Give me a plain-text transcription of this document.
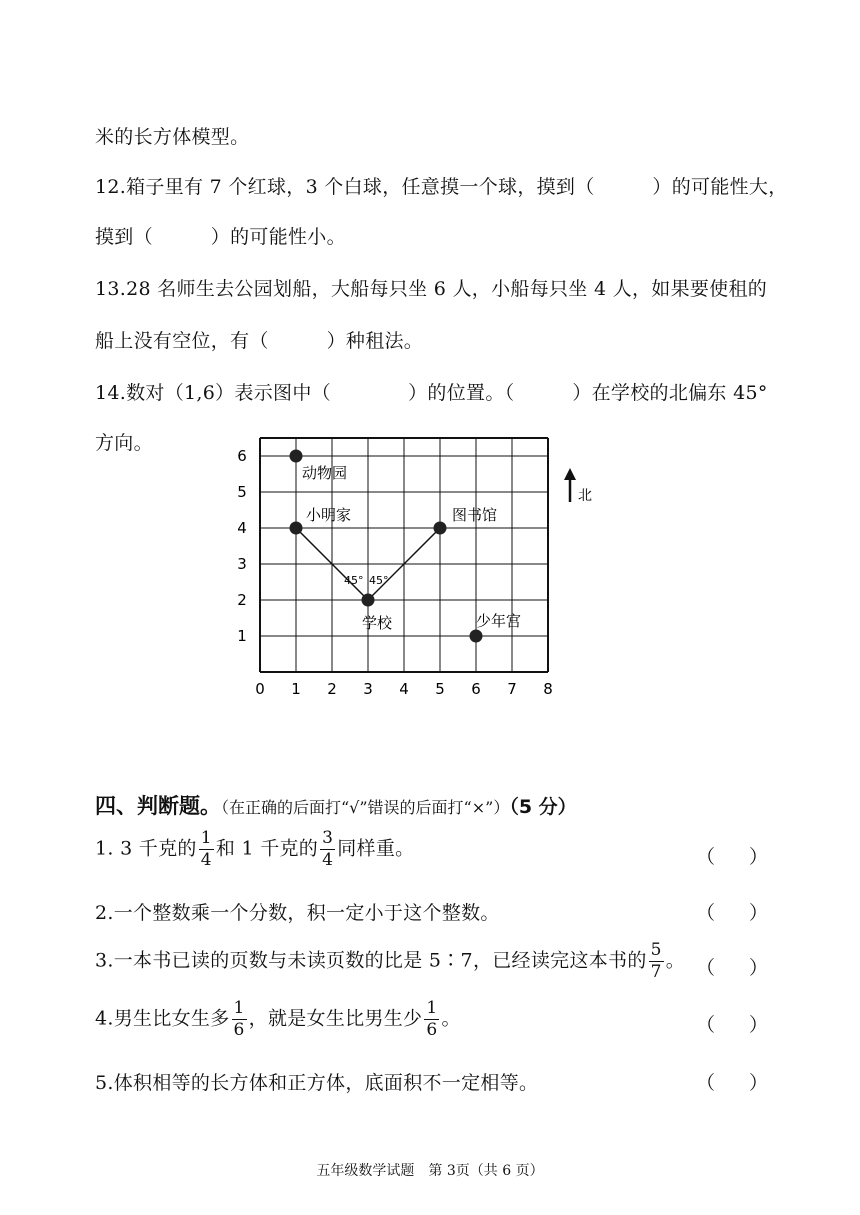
米的长方体模型。
12.箱子里有 7 个红球，3 个白球，任意摸一个球，摸到（　　　）的可能性大，
摸到（　　　）的可能性小。
13.28 名师生去公园划船，大船每只坐 6 人，小船每只坐 4 人，如果要使租的
船上没有空位，有（　　　）种租法。
14.数对（1,6）表示图中（　　　　）的位置。（　　　）在学校的北偏东 45°
方向。
1
2
3
4
5
6
0 1 2 3 4 5 6 7 8
北
动物园
小明家	图书馆
学校	少年宫
45° 45°
四、判断题。（在正确的后面打“√”错误的后面打“×”）（5 分）
1. 3 千克的 $\frac{1}{4}$ 和 1 千克的 $\frac{3}{4}$ 同样重。	（ ）
2.一个整数乘一个分数，积一定小于这个整数。	（ ）
3.一本书已读的页数与未读页数的比是 5∶7，已经读完这本书的 $\frac{5}{7}$ 。 （ ）
4.男生比女生多 $\frac{1}{6}$ ，就是女生比男生少 $\frac{1}{6}$ 。	（ ）
5.体积相等的长方体和正方体，底面积不一定相等。	（ ）
五年级数学试题　第 3页（共 6 页）
